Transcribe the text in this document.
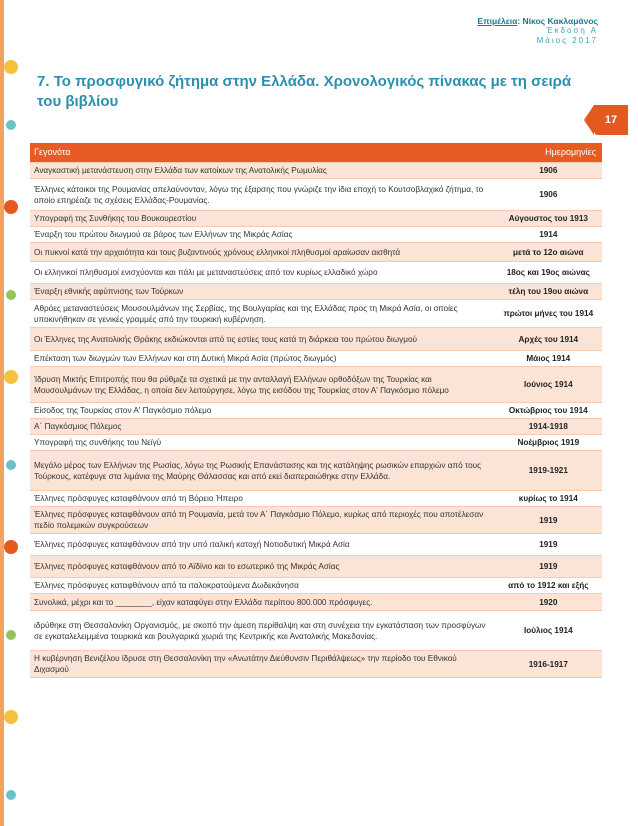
Επιμέλεια: Νίκος Κακλαμάνος
Έκδοση Α
Μάιος 2017
7. Το προσφυγικό ζήτημα στην Ελλάδα. Χρονολογικός πίνακας με τη σειρά του βιβλίου
17
Γεγονότα	Ημερομηνίες
Αναγκαστική μετανάστευση στην Ελλάδα των κατοίκων της Ανατολικής Ρωμυλίας	1906
Έλληνες κάτοικοι της Ρουμανίας απελαύνονταν, λόγω της έξαρσης που γνώριζε την ίδια εποχή το Κουτσοβλαχικό ζήτημα, το οποίο επηρέαζε τις σχέσεις Ελλάδας-Ρουμανίας.	1906
Υπογραφή της Συνθήκης του Βουκουρεστίου	Αύγουστος του 1913
Έναρξη του πρώτου διωγμού σε βάρος των Ελλήνων της Μικράς Ασίας	1914
Οι πυκνοί κατά την αρχαιότητα και τους βυζαντινούς χρόνους ελληνικοί πληθυσμοί αραίωσαν αισθητά	μετά το 12ο αιώνα
Οι ελληνικοί πληθυσμοί ενισχύονται και πάλι με μεταναστεύσεις από τον κυρίως ελλαδικό χώρο	18ος και 19ος αιώνας
Έναρξη εθνικής αφύπνισης των Τούρκων	τέλη του 19ου αιώνα
Αθρόες μεταναστεύσεις Μουσουλμάνων της Σερβίας, της Βουλγαρίας και της Ελλάδας προς τη Μικρά Ασία, οι οποίες υποκινήθηκαν σε γενικές γραμμές από την τουρκική κυβέρνηση.	πρώτοι μήνες του 1914
Οι Έλληνες της Ανατολικής Θράκης εκδιώκονται από τις εστίες τους κατά τη διάρκεια του πρώτου διωγμού	Αρχές του 1914
Επέκταση των διωγμών των Ελλήνων και στη Δυτική Μικρά Ασία (πρώτος διωγμός)	Μάιος 1914
Ίδρυση Μικτής Επιτροπής που θα ρύθμιζε τα σχετικά με την ανταλλαγή Ελλήνων ορθοδόξων της Τουρκίας και Μουσουλμάνων της Ελλάδας, η οποία δεν λειτούργησε, λόγω της εισόδου της Τουρκίας στον Α' Παγκόσμιο πόλεμο	Ιούνιος 1914
Είσοδος της Τουρκίας στον Α' Παγκόσμιο πόλεμο	Οκτώβριος του 1914
Α΄ Παγκόσμιος Πόλεμος	1914-1918
Υπογραφή της συνθήκης του Νεϊγύ	Νοέμβριος 1919
Μεγάλο μέρος των Ελλήνων της Ρωσίας, λόγω της Ρωσικής Επανάστασης και της κατάληψης ρωσικών επαρχιών από τους Τούρκους, κατέφυγε στα λιμάνια της Μαύρης Θάλασσας και από εκεί διαπεραιώθηκε στην Ελλάδα.	1919-1921
Έλληνες πρόσφυγες καταφθάνουν από τη Βόρειο Ήπειρο	κυρίως το 1914
Έλληνες πρόσφυγες καταφθάνουν από τη Ρουμανία, μετά τον Α΄ Παγκόσμιο Πόλεμο, κυρίως από περιοχές που αποτέλεσαν πεδίο πολεμικών συγκρούσεων	1919
Έλληνες πρόσφυγες καταφθάνουν από την υπό ιταλική κατοχή Νοτιοδυτική Μικρά Ασία	1919
Έλληνες πρόσφυγες καταφθάνουν από το Αϊδίνιο και το εσωτερικό της Μικράς Ασίας	1919
Έλληνες πρόσφυγες καταφθάνουν από τα ιταλοκρατούμενα Δωδεκάνησα	από το 1912 και εξής
Συνολικά, μέχρι και το ________, είχαν καταφύγει στην Ελλάδα περίπου 800.000 πρόσφυγες.	1920
ιδρύθηκε στη Θεσσαλονίκη Οργανισμός, με σκοπό την άμεση περίθαλψη και στη συνέχεια την εγκατάσταση των προσφύγων σε εγκαταλελειμμένα τουρκικά και βουλγαρικά χωριά της Κεντρικής και Ανατολικής Μακεδονίας.	Ιούλιος 1914
Η κυβέρνηση Βενιζέλου ίδρυσε στη Θεσσαλονίκη την «Ανωτάτην Διεύθυνσιν Περιθάλψεως» την περίοδο του Εθνικού Διχασμού	1916-1917
